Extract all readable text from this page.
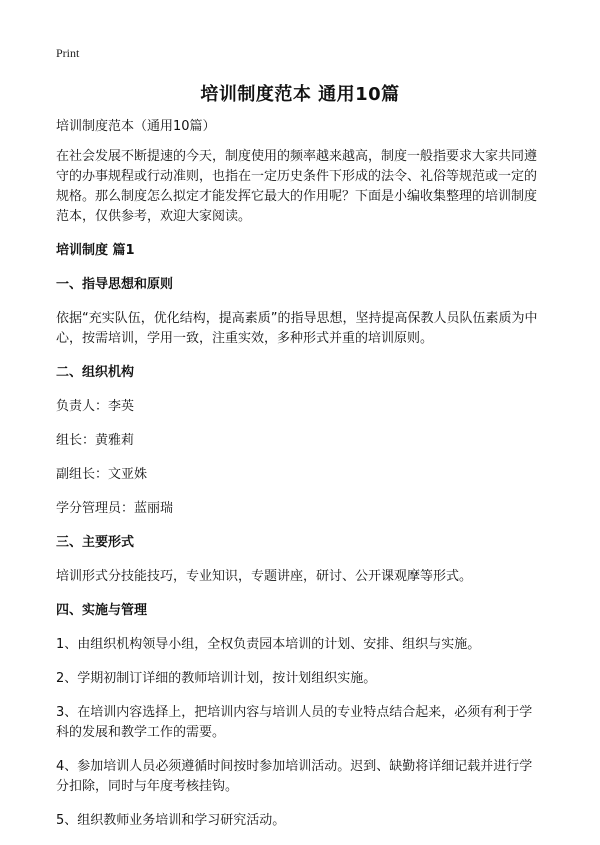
Print
培训制度范本 通用10篇

培训制度范本（通用10篇）

在社会发展不断提速的今天，制度使用的频率越来越高，制度一般指要求大家共同遵守的办事规程或行动准则，也指在一定历史条件下形成的法令、礼俗等规范或一定的规格。那么制度怎么拟定才能发挥它最大的作用呢？下面是小编收集整理的培训制度范本，仅供参考，欢迎大家阅读。

培训制度 篇1

一、指导思想和原则

依据“充实队伍，优化结构，提高素质”的指导思想，坚持提高保教人员队伍素质为中心，按需培训，学用一致，注重实效，多种形式并重的培训原则。

二、组织机构

负责人：李英

组长：黄雅莉

副组长：文亚姝

学分管理员：蓝丽瑞

三、主要形式

培训形式分技能技巧，专业知识，专题讲座，研讨、公开课观摩等形式。

四、实施与管理

1、由组织机构领导小组，全权负责园本培训的计划、安排、组织与实施。

2、学期初制订详细的教师培训计划，按计划组织实施。

3、在培训内容选择上，把培训内容与培训人员的专业特点结合起来，必须有利于学科的发展和教学工作的需要。

4、参加培训人员必须遵循时间按时参加培训活动。迟到、缺勤将详细记载并进行学分扣除，同时与年度考核挂钩。

5、组织教师业务培训和学习研究活动。
